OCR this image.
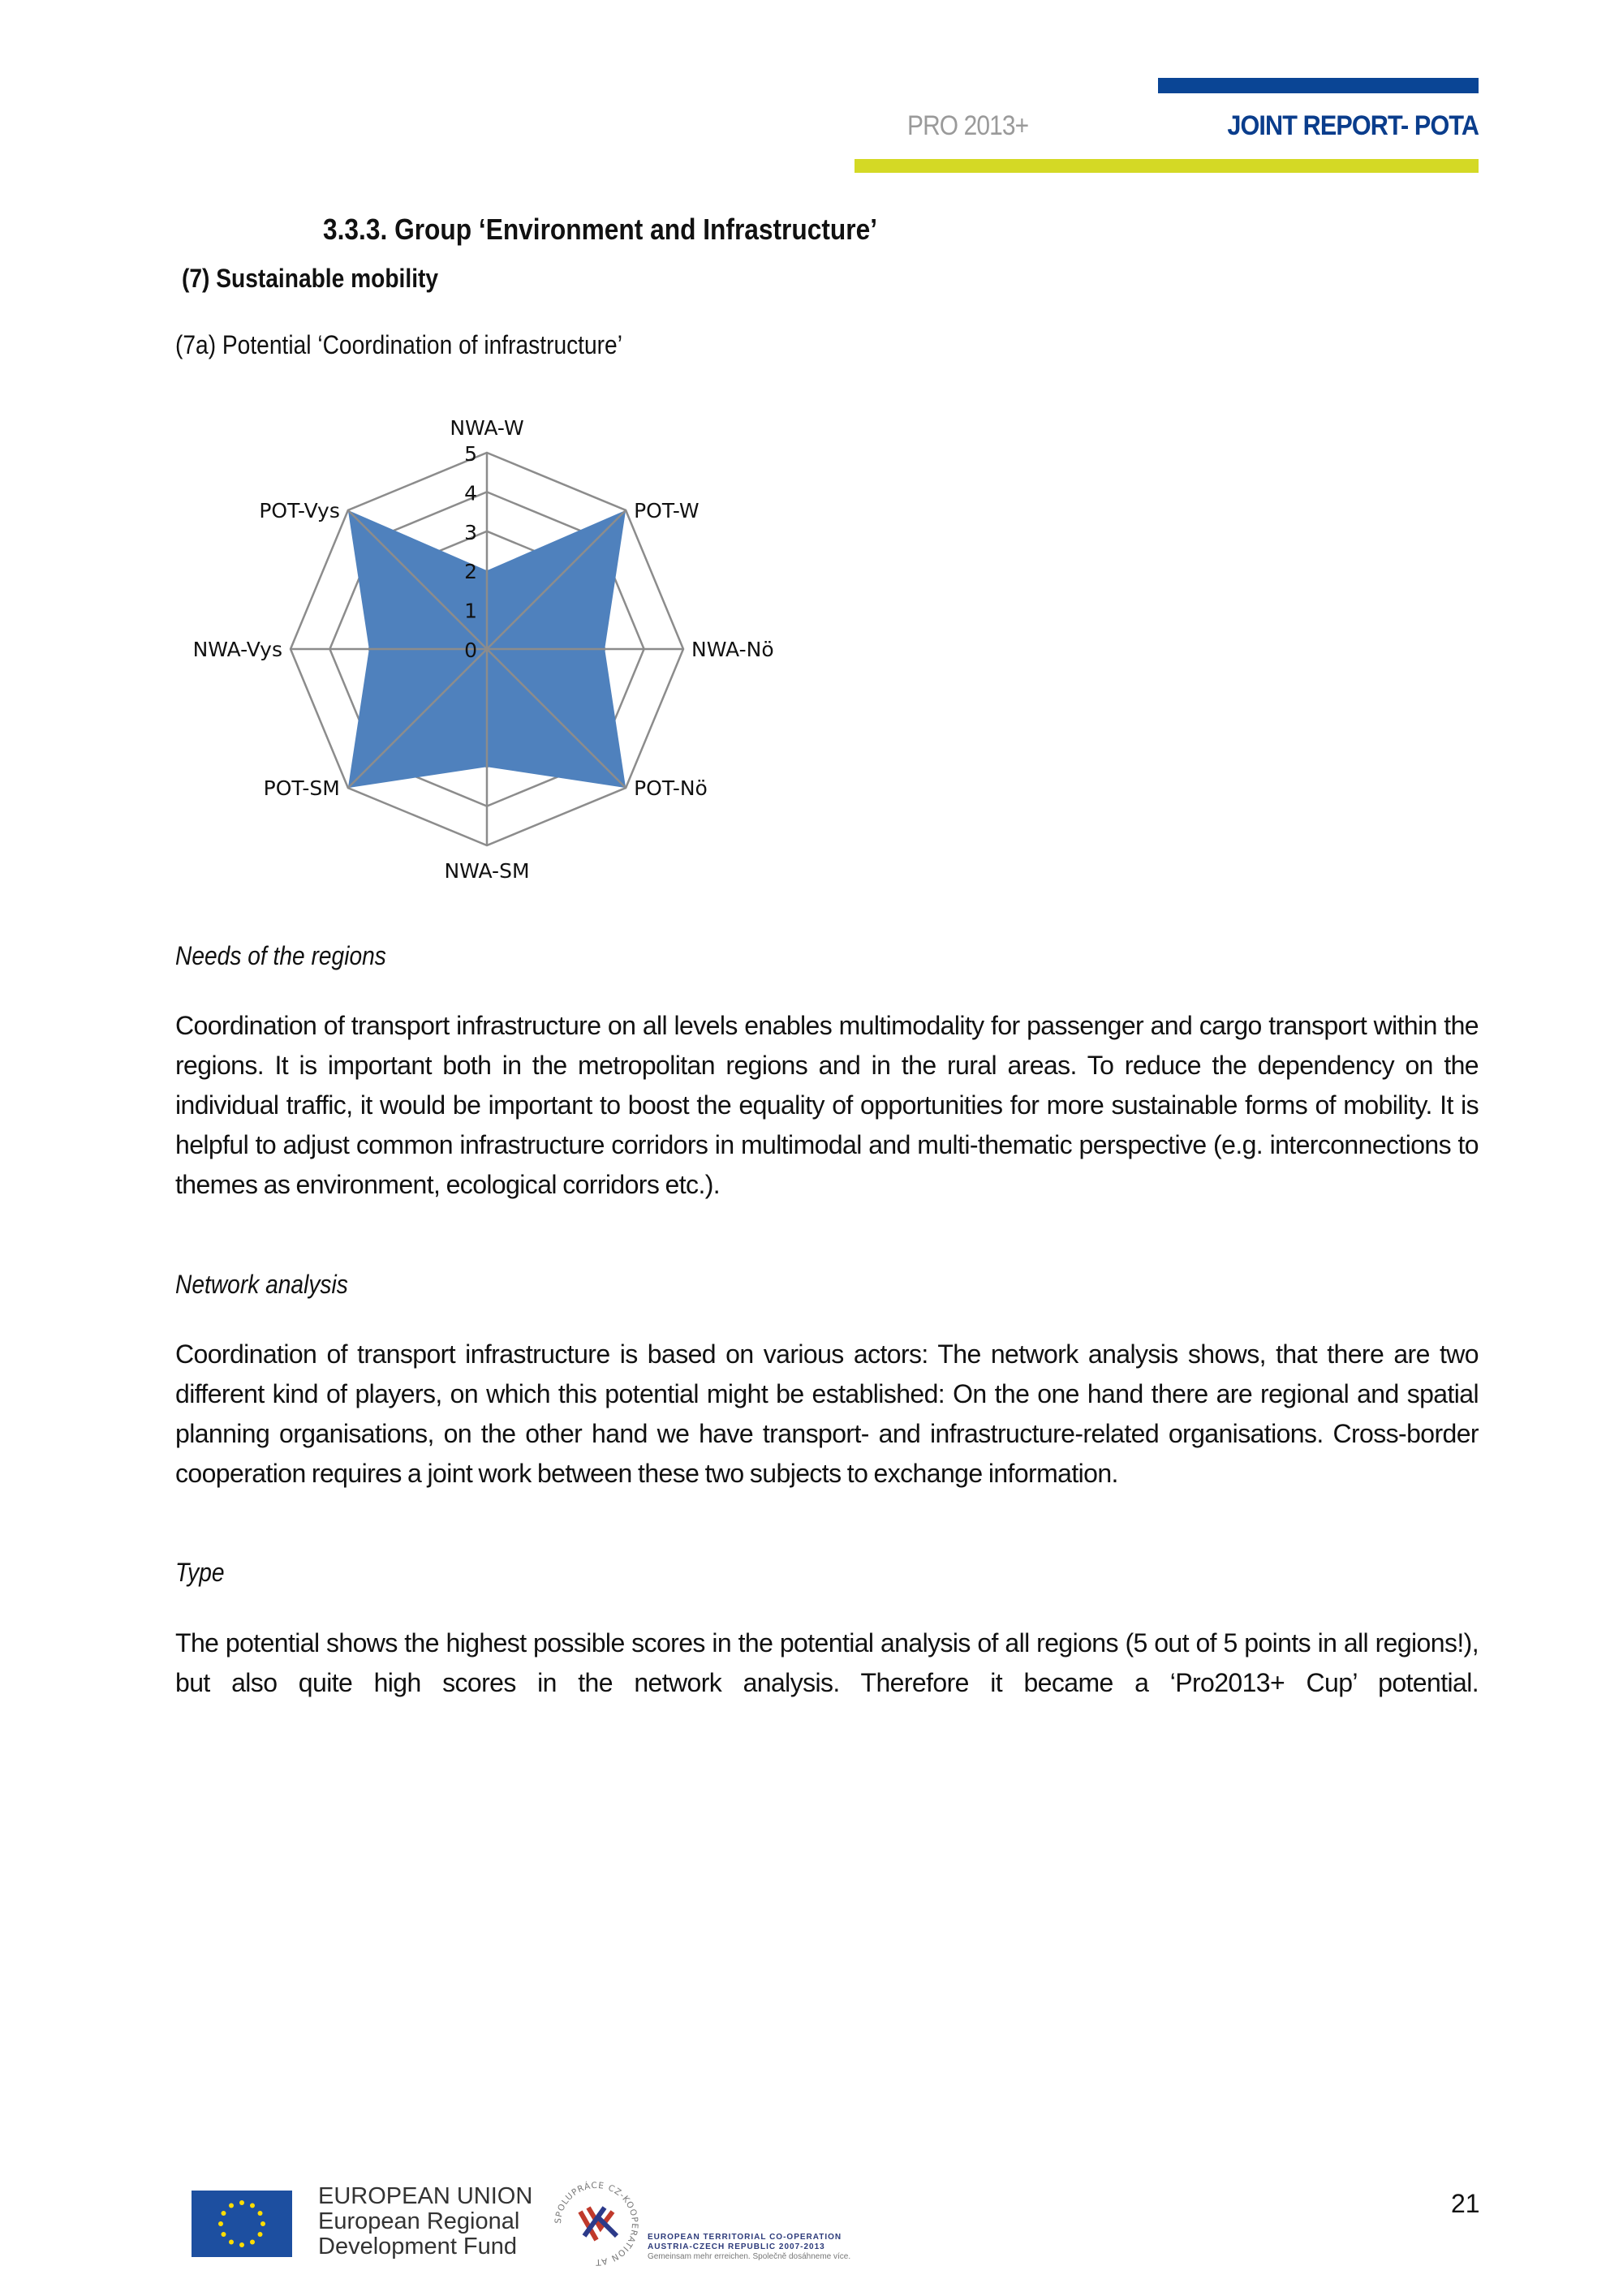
PRO 2013+	JOINT REPORT- POTA
3.3.3. Group ‘Environment and Infrastructure’
(7) Sustainable mobility
(7a) Potential ‘Coordination of infrastructure’
0
1
2
3
4
5
NWA-W
POT-W
NWA-Nö
POT-Nö
NWA-SM
POT-SM
NWA-Vys
POT-Vys
Needs of the regions
Coordination of transport infrastructure on all levels enables multimodality for passenger and cargo transport within the regions. It is important both in the metropolitan regions and in the rural areas. To reduce the dependency on the individual traffic, it would be important to boost the equality of opportunities for more sustainable forms of mobility. It is helpful to adjust common infrastructure corridors in multimodal and multi-thematic perspective (e.g. interconnections to themes as environment, ecological corridors etc.).
Network analysis
Coordination of transport infrastructure is based on various actors: The network analysis shows, that there are two different kind of players, on which this potential might be established: On the one hand there are regional and spatial planning organisations, on the other hand we have transport- and infrastructure-related organisations. Cross-border cooperation requires a joint work between these two subjects to exchange information.
Type
The potential shows the highest possible scores in the potential analysis of all regions (5 out of 5 points in all regions!), but also quite high scores in the network analysis. Therefore it became a ‘Pro2013+ Cup’ potential.
EUROPEAN UNION
European Regional
Development Fund
SPOLUPRÁCE CZ-KOOPERATION AT
EUROPEAN TERRITORIAL CO-OPERATION
AUSTRIA-CZECH REPUBLIC 2007-2013
Gemeinsam mehr erreichen. Společně dosáhneme více.
21
